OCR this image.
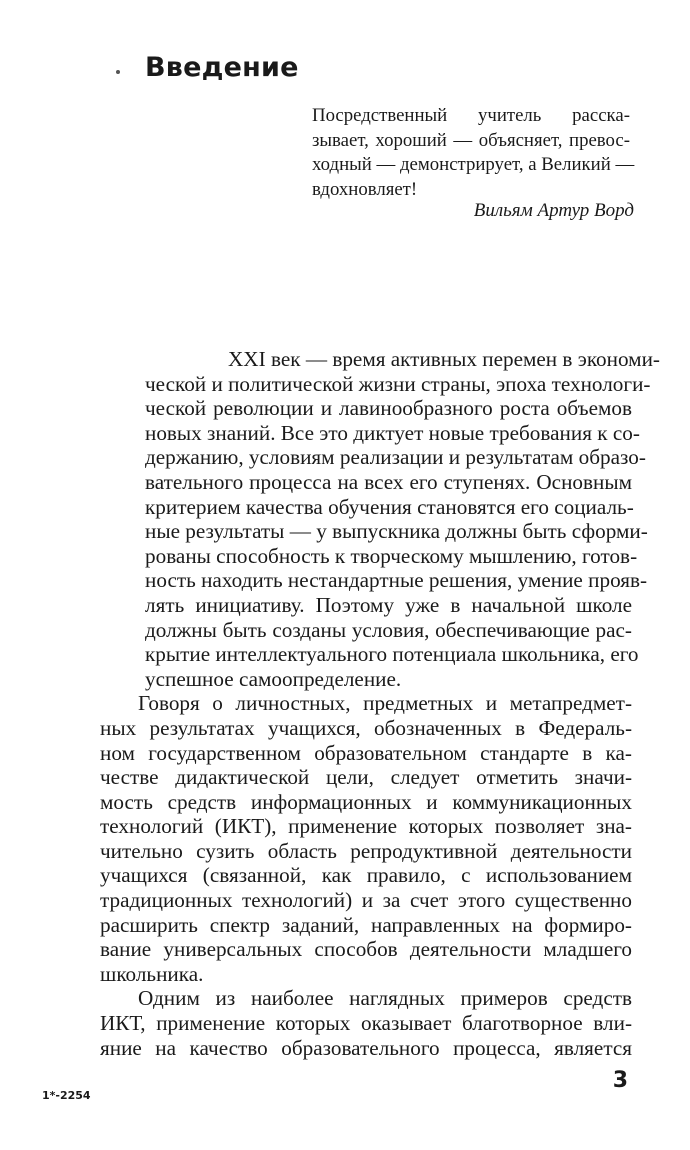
Введение

Посредственный учитель расска-
зывает, хороший — объясняет, превос-
ходный — демонстрирует, а Великий —
вдохновляет!

Вильям Артур Ворд

XXI век — время активных перемен в экономи-
ческой и политической жизни страны, эпоха технологи-
ческой революции и лавинообразного роста объемов
новых знаний. Все это диктует новые требования к со-
держанию, условиям реализации и результатам образо-
вательного процесса на всех его ступенях. Основным
критерием качества обучения становятся его социаль-
ные результаты — у выпускника должны быть сформи-
рованы способность к творческому мышлению, готов-
ность находить нестандартные решения, умение прояв-
лять инициативу. Поэтому уже в начальной школе
должны быть созданы условия, обеспечивающие рас-
крытие интеллектуального потенциала школьника, его
успешное самоопределение.

Говоря о личностных, предметных и метапредмет-
ных результатах учащихся, обозначенных в Федераль-
ном государственном образовательном стандарте в ка-
честве дидактической цели, следует отметить значи-
мость средств информационных и коммуникационных
технологий (ИКТ), применение которых позволяет зна-
чительно сузить область репродуктивной деятельности
учащихся (связанной, как правило, с использованием
традиционных технологий) и за счет этого существенно
расширить спектр заданий, направленных на формиро-
вание универсальных способов деятельности младшего
школьника.

Одним из наиболее наглядных примеров средств
ИКТ, применение которых оказывает благотворное вли-
яние на качество образовательного процесса, является

1*-2254
3
